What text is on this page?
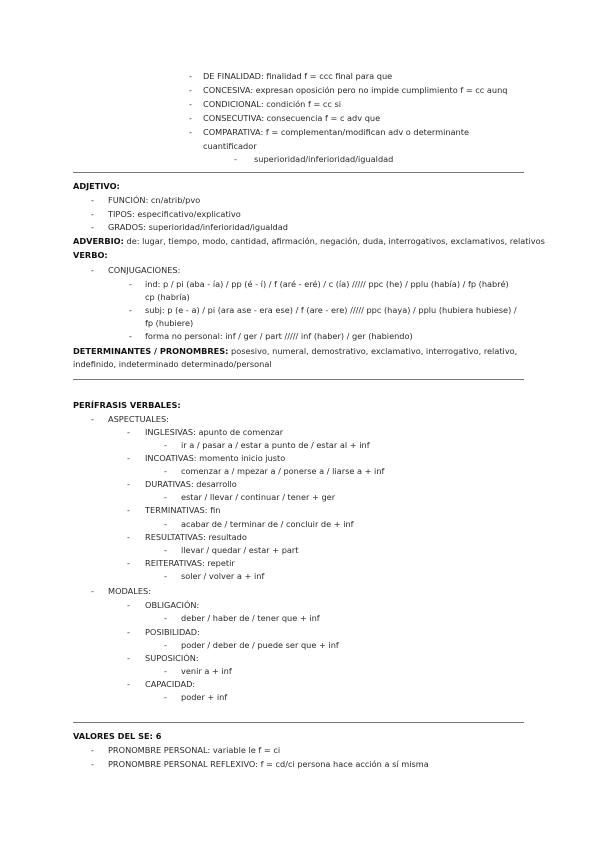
- DE FINALIDAD: finalidad f = ccc final para que
- CONCESIVA: expresan oposición pero no impide cumplimiento f = cc aunq
- CONDICIONAL: condición f = cc si
- CONSECUTIVA: consecuencia f = c adv que
- COMPARATIVA: f = complementan/modifican adv o determinante
cuantificador
- superioridad/inferioridad/igualdad
ADJETIVO:
- FUNCIÓN: cn/atrib/pvo
- TIPOS: especificativo/explicativo
- GRADOS: superioridad/inferioridad/igualdad
ADVERBIO: de: lugar, tiempo, modo, cantidad, afirmación, negación, duda, interrogativos, exclamativos, relativos
VERBO:
- CONJUGACIONES:
- ind: p / pi (aba - ía) / pp (é - í) / f (aré - eré) / c (ía) ///// ppc (he) / pplu (había) / fp (habré)
cp (habría)
- subj: p (e - a) / pi (ara ase - era ese) / f (are - ere) ///// ppc (haya) / pplu (hubiera hubiese) /
fp (hubiere)
- forma no personal: inf / ger / part ///// inf (haber) / ger (habiendo)
DETERMINANTES / PRONOMBRES: posesivo, numeral, demostrativo, exclamativo, interrogativo, relativo,
indefinido, indeterminado determinado/personal
PERÍFRASIS VERBALES:
- ASPECTUALES:
- INGLESIVAS: apunto de comenzar
- ir a / pasar a / estar a punto de / estar al + inf
- INCOATIVAS: momento inicio justo
- comenzar a / mpezar a / ponerse a / liarse a + inf
- DURATIVAS: desarrollo
- estar / llevar / continuar / tener + ger
- TERMINATIVAS: fin
- acabar de / terminar de / concluir de + inf
- RESULTATIVAS: resultado
- llevar / quedar / estar + part
- REITERATIVAS: repetir
- soler / volver a + inf
- MODALES:
- OBLIGACIÓN:
- deber / haber de / tener que + inf
- POSIBILIDAD:
- poder / deber de / puede ser que + inf
- SUPOSICIÓN:
- venir a + inf
- CAPACIDAD:
- poder + inf
VALORES DEL SE: 6
- PRONOMBRE PERSONAL: variable le f = ci
- PRONOMBRE PERSONAL REFLEXIVO: f = cd/ci persona hace acción a sí misma
